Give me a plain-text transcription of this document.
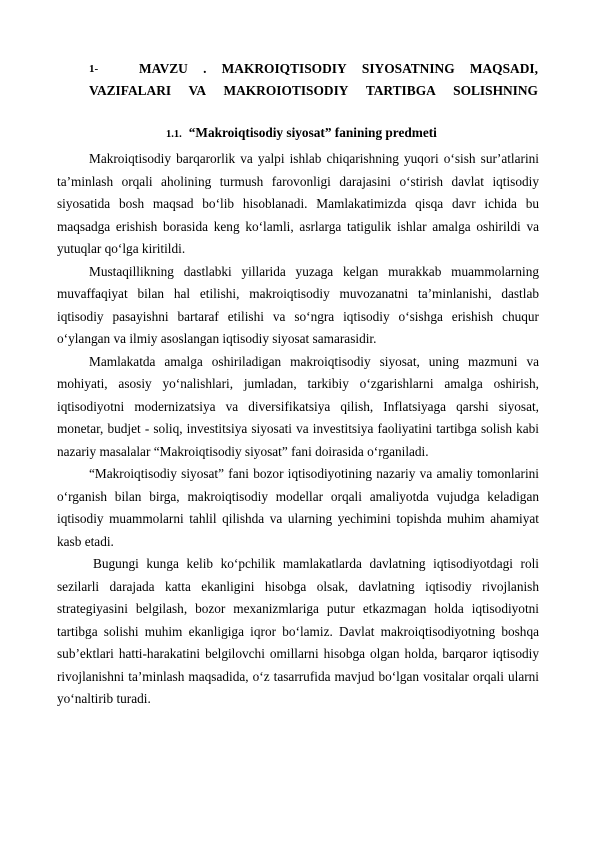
1-	MAVZU . MAKROIQTISODIY SIYOSATNING MAQSADI,
VAZIFALARI VA MAKROIOTISODIY TARTIBGA SOLISHNING
1.1. “Makroiqtisodiy siyosat” fanining predmeti

Makroiqtisodiy barqarorlik va yalpi ishlab chiqarishning yuqori oʻsish surʼatlarini taʼminlash orqali aholining turmush farovonligi darajasini oʻstirish davlat iqtisodiy siyosatida bosh maqsad boʻlib hisoblanadi. Mamlakatimizda qisqa davr ichida bu maqsadga erishish borasida keng koʻlamli, asrlarga tatigulik ishlar amalga oshirildi va yutuqlar qoʻlga kiritildi.

Mustaqillikning dastlabki yillarida yuzaga kelgan murakkab muammolarning muvaffaqiyat bilan hal etilishi, makroiqtisodiy muvozanatni taʼminlanishi, dastlab iqtisodiy pasayishni bartaraf etilishi va soʻngra iqtisodiy oʻsishga erishish chuqur oʻylangan va ilmiy asoslangan iqtisodiy siyosat samarasidir.

Mamlakatda amalga oshiriladigan makroiqtisodiy siyosat, uning mazmuni va mohiyati, asosiy yoʻnalishlari, jumladan, tarkibiy oʻzgarishlarni amalga oshirish, iqtisodiyotni modernizatsiya va diversifikatsiya qilish, Inflatsiyaga qarshi siyosat, monetar, budjet - soliq, investitsiya siyosati va investitsiya faoliyatini tartibga solish kabi nazariy masalalar “Makroiqtisodiy siyosat” fani doirasida oʻrganiladi.

“Makroiqtisodiy siyosat” fani bozor iqtisodiyotining nazariy va amaliy tomonlarini oʻrganish bilan birga, makroiqtisodiy modellar orqali amaliyotda vujudga keladigan iqtisodiy muammolarni tahlil qilishda va ularning yechimini topishda muhim ahamiyat kasb etadi.

Bugungi kunga kelib koʻpchilik mamlakatlarda davlatning iqtisodiyotdagi roli sezilarli darajada katta ekanligini hisobga olsak, davlatning iqtisodiy rivojlanish strategiyasini belgilash, bozor mexanizmlariga putur etkazmagan holda iqtisodiyotni tartibga solishi muhim ekanligiga iqror boʻlamiz. Davlat makroiqtisodiyotning boshqa subʼektlari hatti-harakatini belgilovchi omillarni hisobga olgan holda, barqaror iqtisodiy rivojlanishni taʼminlash maqsadida, oʻz tasarrufida mavjud boʻlgan vositalar orqali ularni yoʻnaltirib turadi.
